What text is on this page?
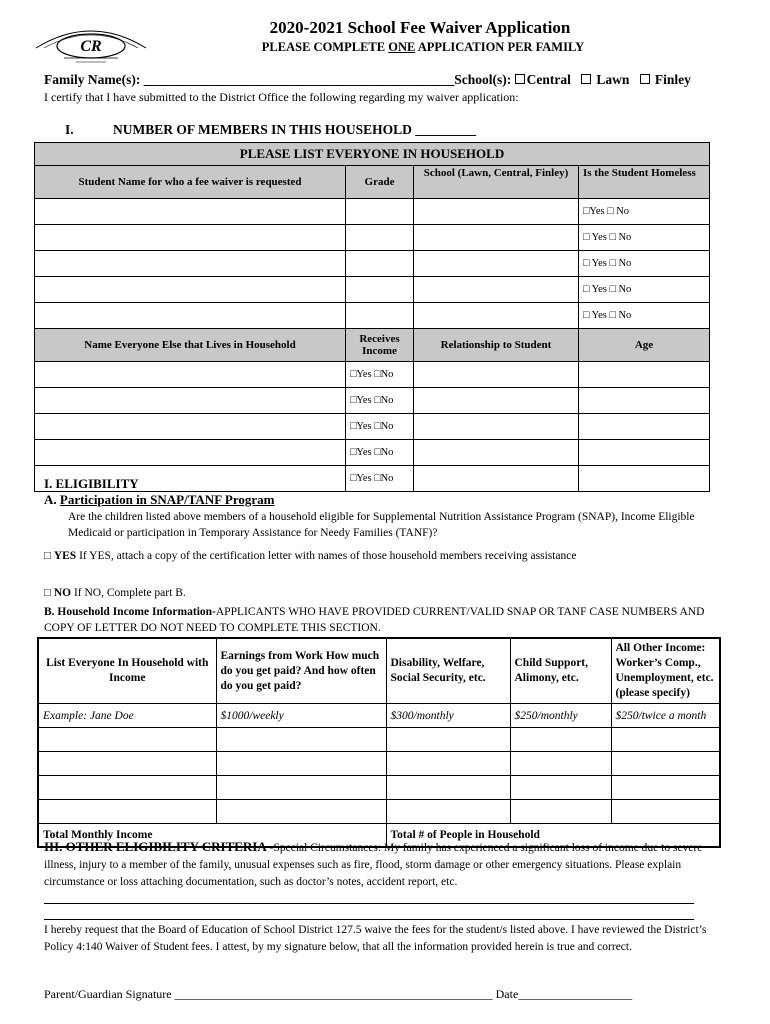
CR
2020-2021 School Fee Waiver Application
PLEASE COMPLETE ONE APPLICATION PER FAMILY
Family Name(s): ______________________________________________School(s): Central Lawn Finley
I certify that I have submitted to the District Office the following regarding my waiver application:
I.	NUMBER OF MEMBERS IN THIS HOUSEHOLD _________
PLEASE LIST EVERYONE IN HOUSEHOLD			
Student Name for who a fee waiver is requested	Grade	School (Lawn, Central, Finley)	Is the Student Homeless
			□Yes □ No
			□ Yes □ No
			□ Yes □ No
			□ Yes □ No
			□ Yes □ No
Name Everyone Else that Lives in Household	Receives Income	Relationship to Student	Age
	□Yes □No		
	□Yes □No		
	□Yes □No		
	□Yes □No		
	□Yes □No		
I. ELIGIBILITY
A. Participation in SNAP/TANF Program
Are the children listed above members of a household eligible for Supplemental Nutrition Assistance Program (SNAP), Income Eligible Medicaid or participation in Temporary Assistance for Needy Families (TANF)?
□ YES If YES, attach a copy of the certification letter with names of those household members receiving assistance
□ NO If NO, Complete part B.
B. Household Income Information-APPLICANTS WHO HAVE PROVIDED CURRENT/VALID SNAP OR TANF CASE NUMBERS AND COPY OF LETTER DO NOT NEED TO COMPLETE THIS SECTION.
List Everyone In Household with Income	Earnings from Work How much do you get paid? And how often do you get paid?	Disability, Welfare, Social Security, etc.	Child Support, Alimony, etc.	All Other Income: Worker’s Comp., Unemployment, etc. (please specify)
Example: Jane Doe	$1000/weekly	$300/monthly	$250/monthly	$250/twice a month

Total Monthly Income		Total # of People in Household		
III. OTHER ELIGIBILITY CRITERIA -Special Circumstances: My family has experienced a significant loss of income due to severe illness, injury to a member of the family, unusual expenses such as fire, flood, storm damage or other emergency situations. Please explain circumstance or loss attaching documentation, such as doctor’s notes, accident report, etc.
I hereby request that the Board of Education of School District 127.5 waive the fees for the student/s listed above. I have reviewed the District’s Policy 4:140 Waiver of Student fees. I attest, by my signature below, that all the information provided herein is true and correct.
Parent/Guardian Signature _____________________________________________________ Date___________________
